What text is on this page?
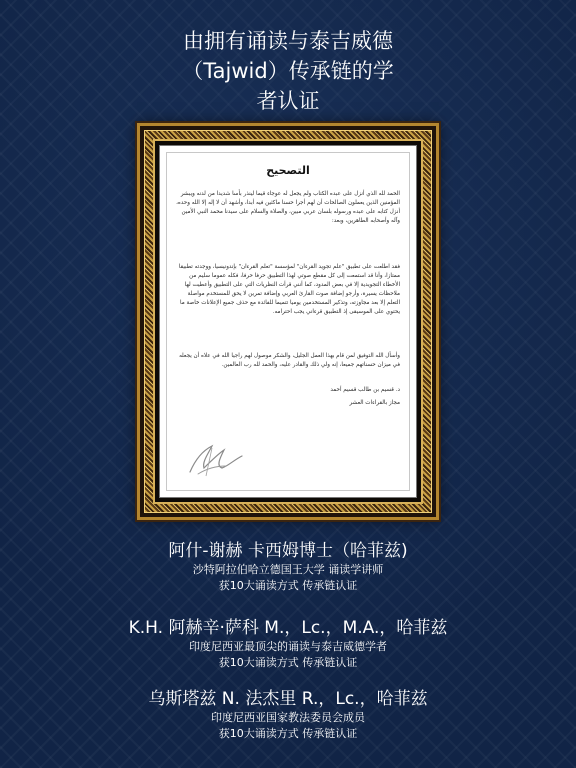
由拥有诵读与泰吉威德
（Tajwid）传承链的学
者认证
التصحيح
الحمد لله الذي أنزل على عبده الكتاب ولم يجعل له عوجاء قيما لينذر بأسا شديدا من لدنه ويبشر المؤمنين الذين يعملون الصالحات أن لهم أجرا حسنا ماكثين فيه أبدا، وأشهد أن لا إله إلا الله وحده، أنزل كتابه على عبده ورسوله بلسان عربي مبين، والصلاة والسلام على سيدنا محمد النبي الأمين وآله وأصحابه الطاهرين، وبعد:
فقد اطلعت على تطبيق "علم تجويد القرءان" لمؤسسة "تعلم القرءان" بإندونيسيا، ووجدته تطبيقا ممتازا، وأنا قد استمعت إلى كل مقطع صوتي لهذا التطبيق حرفا حرفا، فكله عموما سليم من الأخطاء التجويدية إلا في بعض المدود، كما أنني قرأت النظريات التي على التطبيق وأعطيت لها ملاحظات يسيرة، وأرجو إضافة صوت القارئ العربي وإضافة تمرين لا يحق للمستخدم مواصلة التعلم إلا بعد مجاوزته، وتذكير المستخدمين يوميا تتميما للفائدة مع حذف جميع الإعلانات خاصة ما يحتوي على الموسيقى إذ التطبيق قرءاني يجب احترامه.
وأسأل الله التوفيق لمن قام بهذا العمل الجليل، والشكر موصول لهم راجيا الله في علاه أن يجعله في ميزان حسناتهم جميعا، إنه ولي ذلك والقادر عليه، والحمد لله رب العالمين.
د. قسيم بن طالب قسيم أحمد
مجاز بالقراءات العشر
阿什-谢赫 卡西姆博士（哈菲兹)
沙特阿拉伯哈立德国王大学 诵读学讲师
获10大诵读方式 传承链认证
K.H. 阿赫辛·萨科 M.，Lc.，M.A.，哈菲兹
印度尼西亚最顶尖的诵读与泰吉威德学者
获10大诵读方式 传承链认证
乌斯塔兹 N. 法杰里 R.，Lc.，哈菲兹
印度尼西亚国家教法委员会成员
获10大诵读方式 传承链认证
